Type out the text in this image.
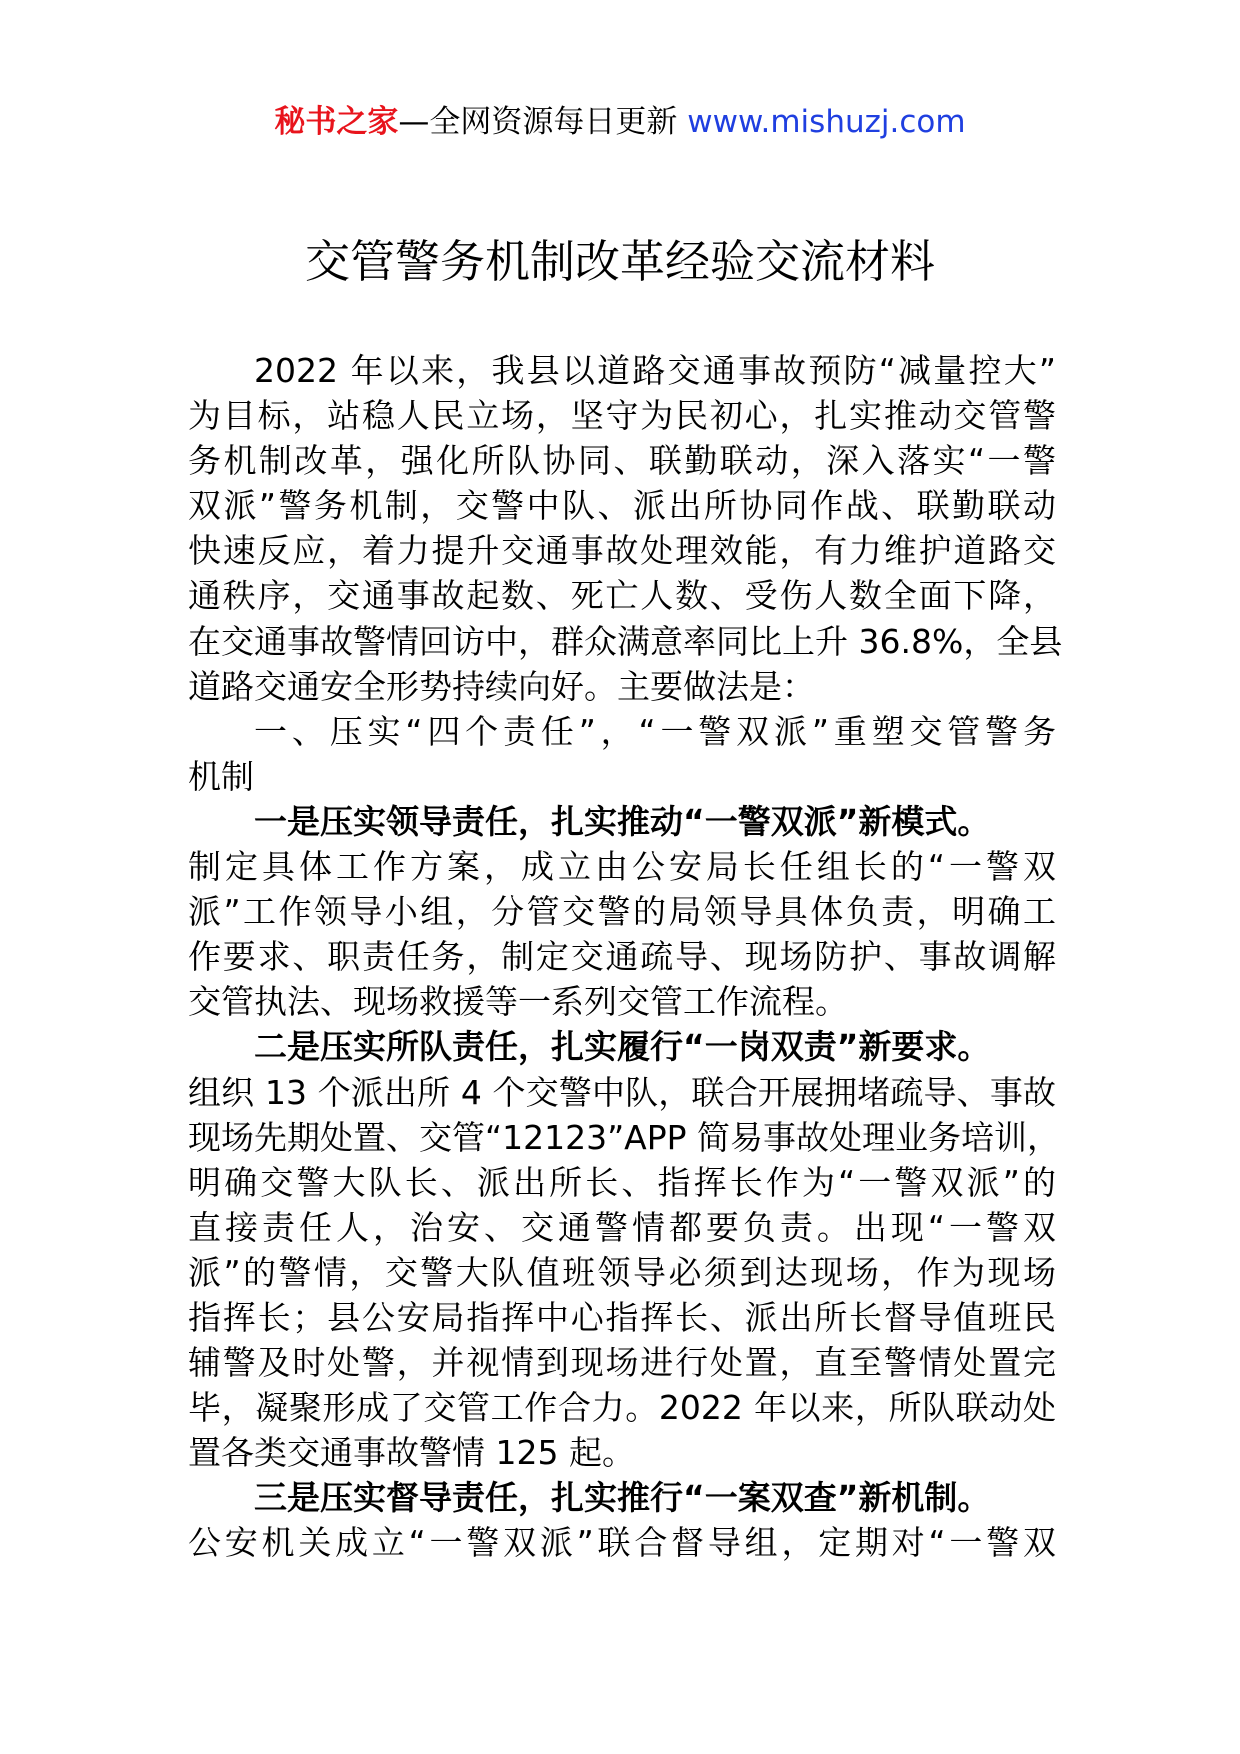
秘书之家—全网资源每日更新 www.mishuzj.com
交管警务机制改革经验交流材料
2022 年以来，我县以道路交通事故预防“减量控大”
为目标，站稳人民立场，坚守为民初心，扎实推动交管警
务机制改革，强化所队协同、联勤联动，深入落实“一警
双派”警务机制，交警中队、派出所协同作战、联勤联动
快速反应，着力提升交通事故处理效能，有力维护道路交
通秩序，交通事故起数、死亡人数、受伤人数全面下降，
在交通事故警情回访中，群众满意率同比上升 36.8%，全县
道路交通安全形势持续向好。主要做法是：
一、压实“四个责任”，“一警双派”重塑交管警务
机制
一是压实领导责任，扎实推动“一警双派”新模式。
制定具体工作方案，成立由公安局长任组长的“一警双
派”工作领导小组，分管交警的局领导具体负责，明确工
作要求、职责任务，制定交通疏导、现场防护、事故调解
交管执法、现场救援等一系列交管工作流程。
二是压实所队责任，扎实履行“一岗双责”新要求。
组织 13 个派出所 4 个交警中队，联合开展拥堵疏导、事故
现场先期处置、交管“12123”APP 简易事故处理业务培训，
明确交警大队长、派出所长、指挥长作为“一警双派”的
直接责任人，治安、交通警情都要负责。出现“一警双
派”的警情，交警大队值班领导必须到达现场，作为现场
指挥长；县公安局指挥中心指挥长、派出所长督导值班民
辅警及时处警，并视情到现场进行处置，直至警情处置完
毕，凝聚形成了交管工作合力。2022 年以来，所队联动处
置各类交通事故警情 125 起。
三是压实督导责任，扎实推行“一案双查”新机制。
公安机关成立“一警双派”联合督导组，定期对“一警双
